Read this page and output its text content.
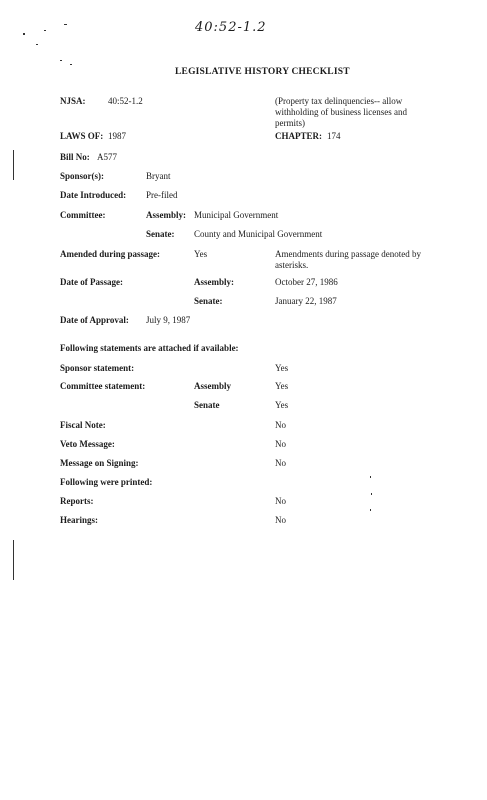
40:52-1.2
LEGISLATIVE HISTORY CHECKLIST
NJSA: 40:52-1.2	(Property tax delinquencies-- allow withholding of business licenses and permits)
LAWS OF: 1987	CHAPTER: 174
Bill No: A577
Sponsor(s):	Bryant
Date Introduced: Pre-filed
Committee:	Assembly: Municipal Government
Senate: County and Municipal Government
Amended during passage:	Yes	Amendments during passage denoted by asterisks.
Date of Passage:	Assembly:	October 27, 1986
Senate:	January 22, 1987
Date of Approval: July 9, 1987
Following statements are attached if available:
Sponsor statement:	Yes
Committee statement:	Assembly	Yes
Senate	Yes
Fiscal Note:	No
Veto Message:	No
Message on Signing:	No
Following were printed:
Reports:	No
Hearings:	No
